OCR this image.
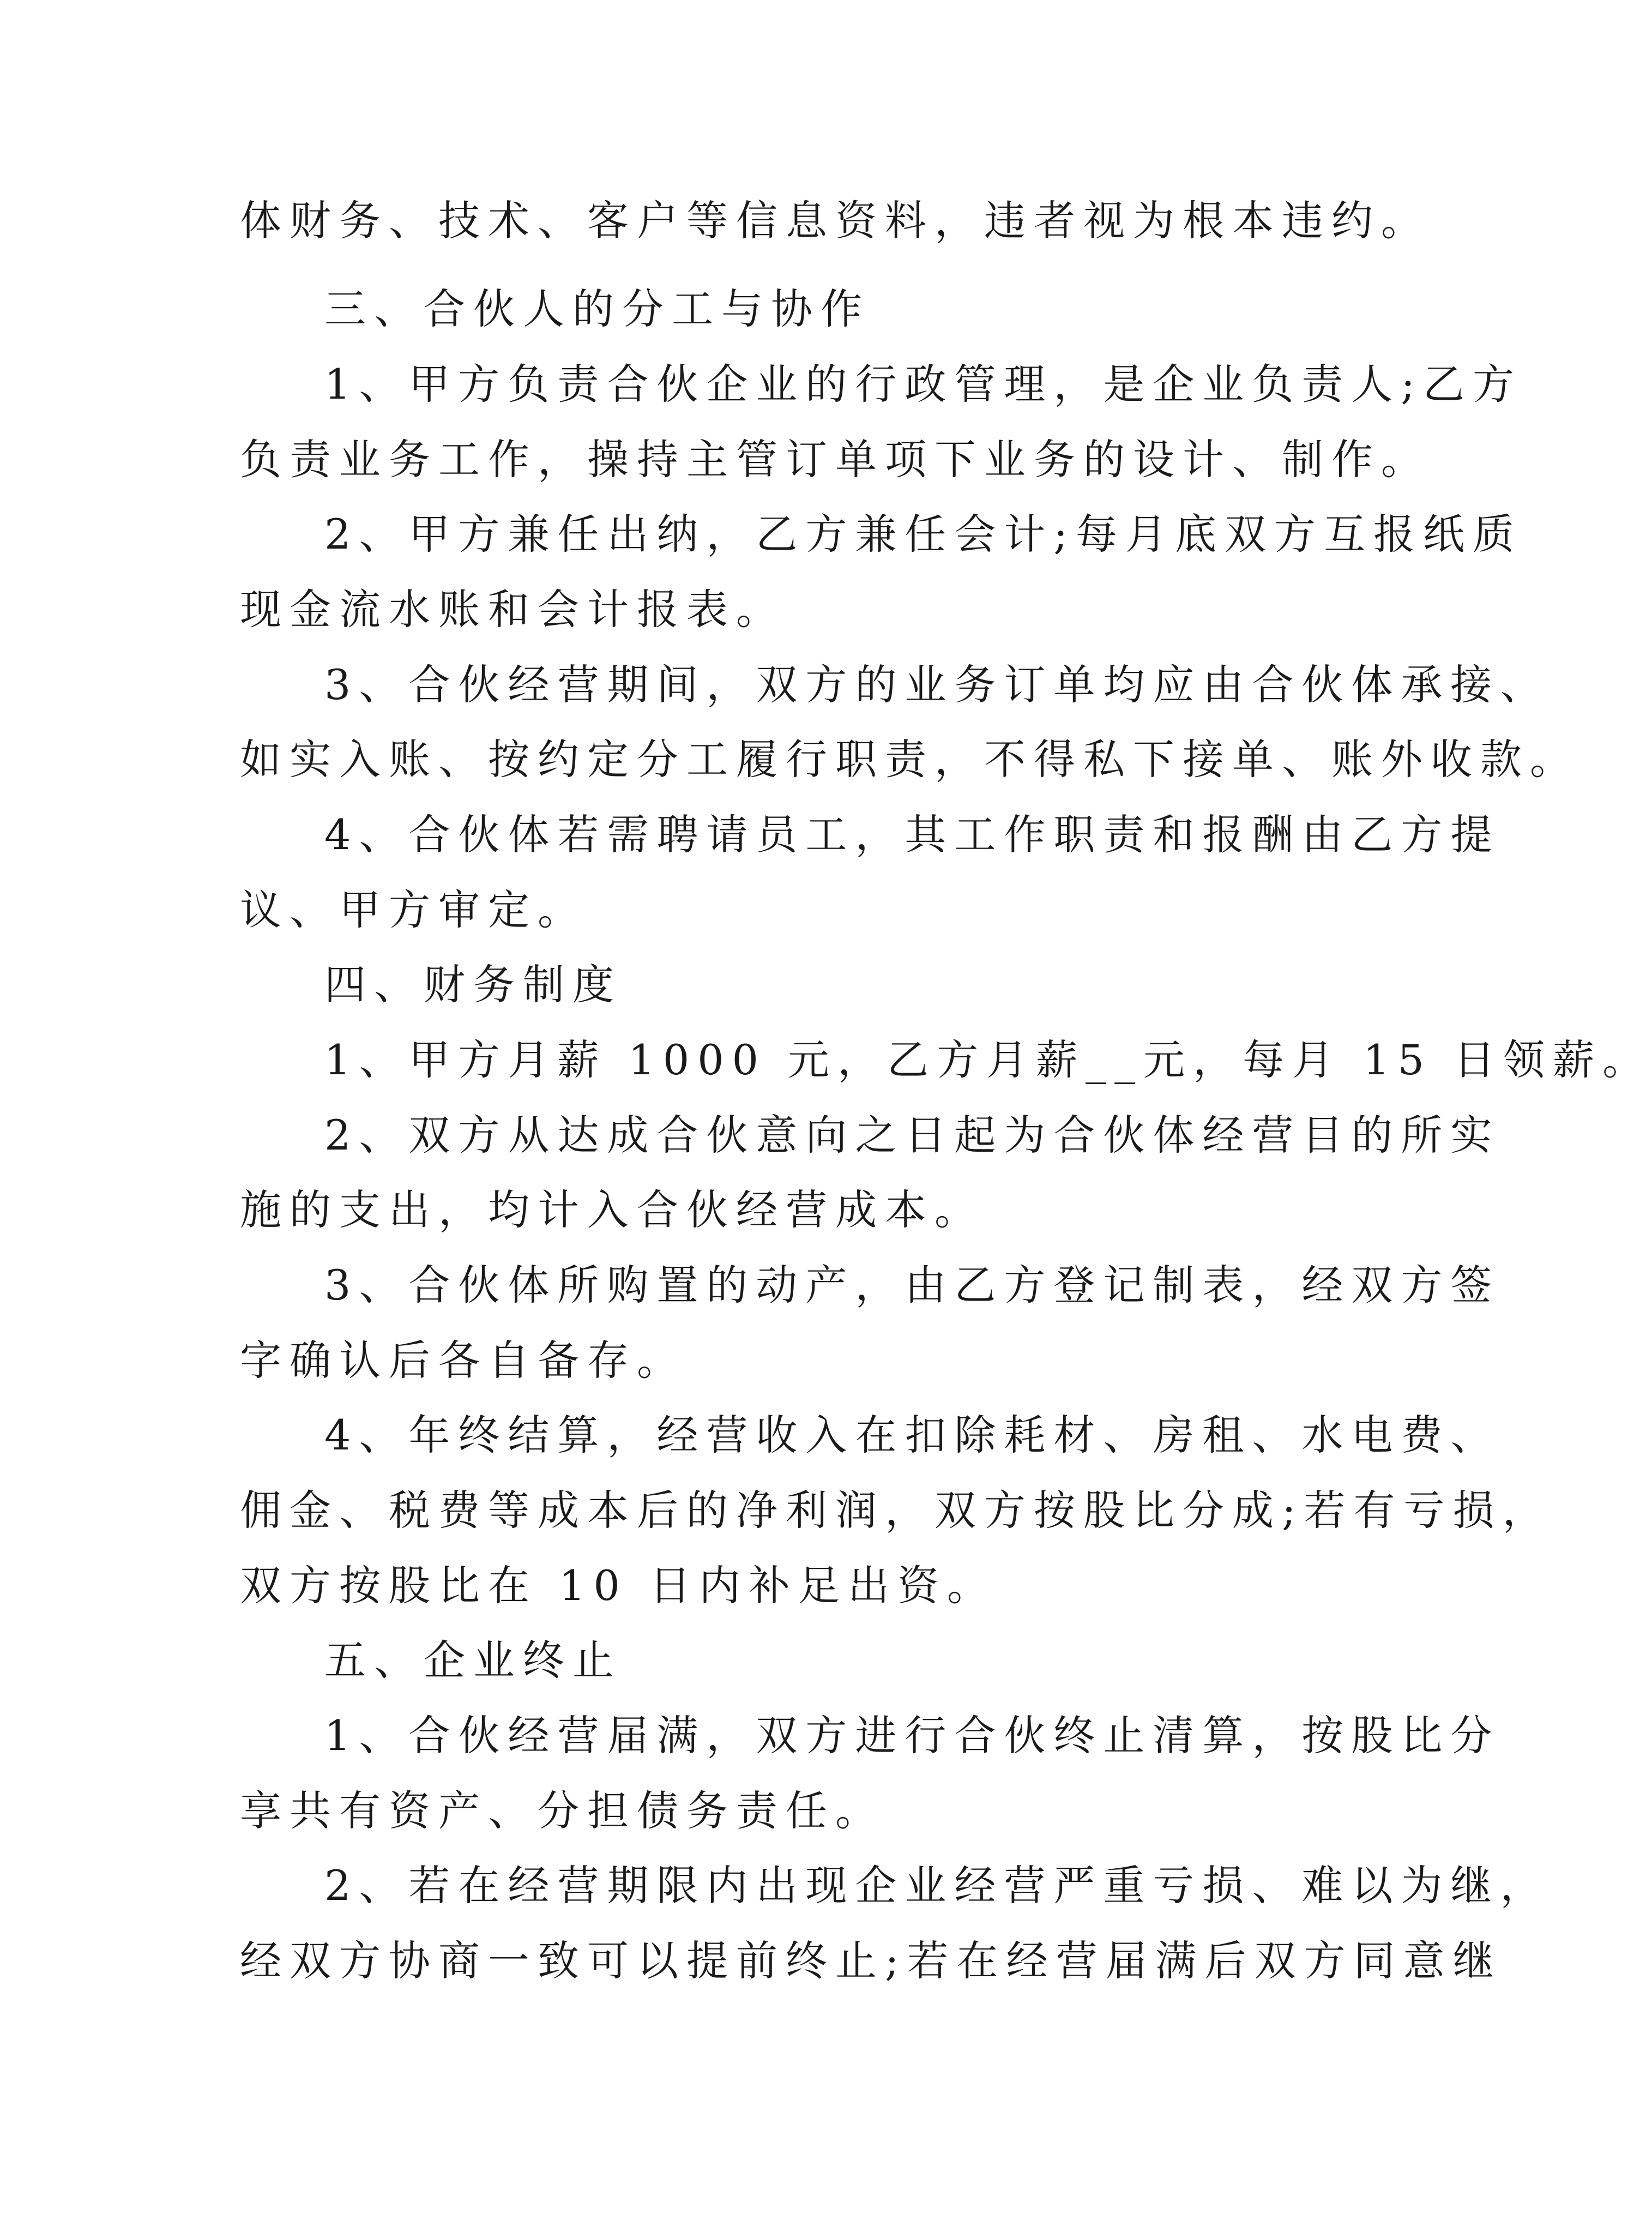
体财务、技术、客户等信息资料，违者视为根本违约。
三、合伙人的分工与协作
1、甲方负责合伙企业的行政管理，是企业负责人;乙方
负责业务工作，操持主管订单项下业务的设计、制作。
2、甲方兼任出纳，乙方兼任会计;每月底双方互报纸质
现金流水账和会计报表。
3、合伙经营期间，双方的业务订单均应由合伙体承接、
如实入账、按约定分工履行职责，不得私下接单、账外收款。
4、合伙体若需聘请员工，其工作职责和报酬由乙方提
议、甲方审定。
四、财务制度
1、甲方月薪 1000 元，乙方月薪__元，每月 15 日领薪。
2、双方从达成合伙意向之日起为合伙体经营目的所实
施的支出，均计入合伙经营成本。
3、合伙体所购置的动产，由乙方登记制表，经双方签
字确认后各自备存。
4、年终结算，经营收入在扣除耗材、房租、水电费、
佣金、税费等成本后的净利润，双方按股比分成;若有亏损，
双方按股比在 10 日内补足出资。
五、企业终止
1、合伙经营届满，双方进行合伙终止清算，按股比分
享共有资产、分担债务责任。
2、若在经营期限内出现企业经营严重亏损、难以为继，
经双方协商一致可以提前终止;若在经营届满后双方同意继
